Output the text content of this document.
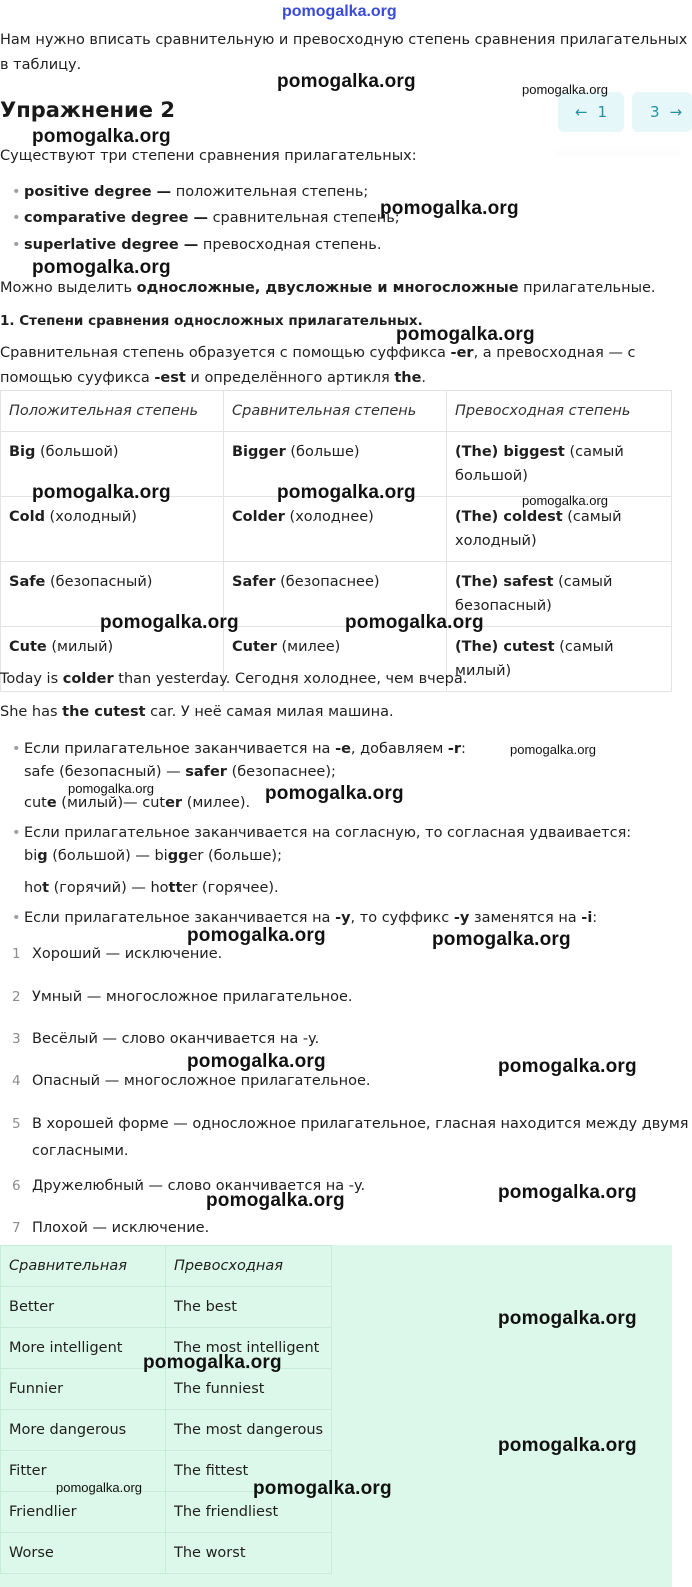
pomogalka.org
Нам нужно вписать сравнительную и превосходную степень сравнения прилагательных
в таблицу.
Упражнение 2	← 1	3 →
Существуют три степени сравнения прилагательных:
• positive degree — положительная степень;
• comparative degree — сравнительная степень;
• superlative degree — превосходная степень.
Можно выделить односложные, двусложные и многосложные прилагательные.
1. Степени сравнения односложных прилагательных.
Сравнительная степень образуется с помощью суффикса -er, а превосходная — с
помощью сууфикса -est и определённого артикля the.
Положительная степень	Сравнительная степень	Превосходная степень
Big (большой)	Bigger (больше)	(The) biggest (самый
большой)
Cold (холодный)	Colder (холоднее)	(The) coldest (самый
холодный)
Safe (безопасный)	Safer (безопаснее)	(The) safest (самый
безопасный)
Cute (милый)	Cuter (милее)	(The) cutest (самый милый)
Today is colder than yesterday. Сегодня холоднее, чем вчера.
She has the cutest car. У неё самая милая машина.
• Если прилагательное заканчивается на -e, добавляем -r:
safe (безопасный) — safer (безопаснее);
cute (милый)— cuter (милее).
• Если прилагательное заканчивается на согласную, то согласная удваивается:
big (большой) — bigger (больше);
hot (горячий) — hotter (горячее).
• Если прилагательное заканчивается на -y, то суффикс -y заменятся на -i:
1 Хороший — исключение.
2 Умный — многосложное прилагательное.
3 Весёлый — слово оканчивается на -y.
4 Опасный — многосложное прилагательное.
5 В хорошей форме — односложное прилагательное, гласная находится между двумя
согласными.
6 Дружелюбный — слово оканчивается на -y.
7 Плохой — исключение.
Сравнительная	Превосходная
Better	The best
More intelligent	The most intelligent
Funnier	The funniest
More dangerous	The most dangerous
Fitter	The fittest
Friendlier	The friendliest
Worse	The worst
pomogalka.org	pomogalka.org
pomogalka.org
pomogalka.org
pomogalka.org
pomogalka.org
pomogalka.org	pomogalka.org	pomogalka.org
pomogalka.org	pomogalka.org
pomogalka.org
pomogalka.org	pomogalka.org
pomogalka.org	pomogalka.org
pomogalka.org	pomogalka.org
pomogalka.org	pomogalka.org
pomogalka.org
pomogalka.org
pomogalka.org
pomogalka.org	pomogalka.org
